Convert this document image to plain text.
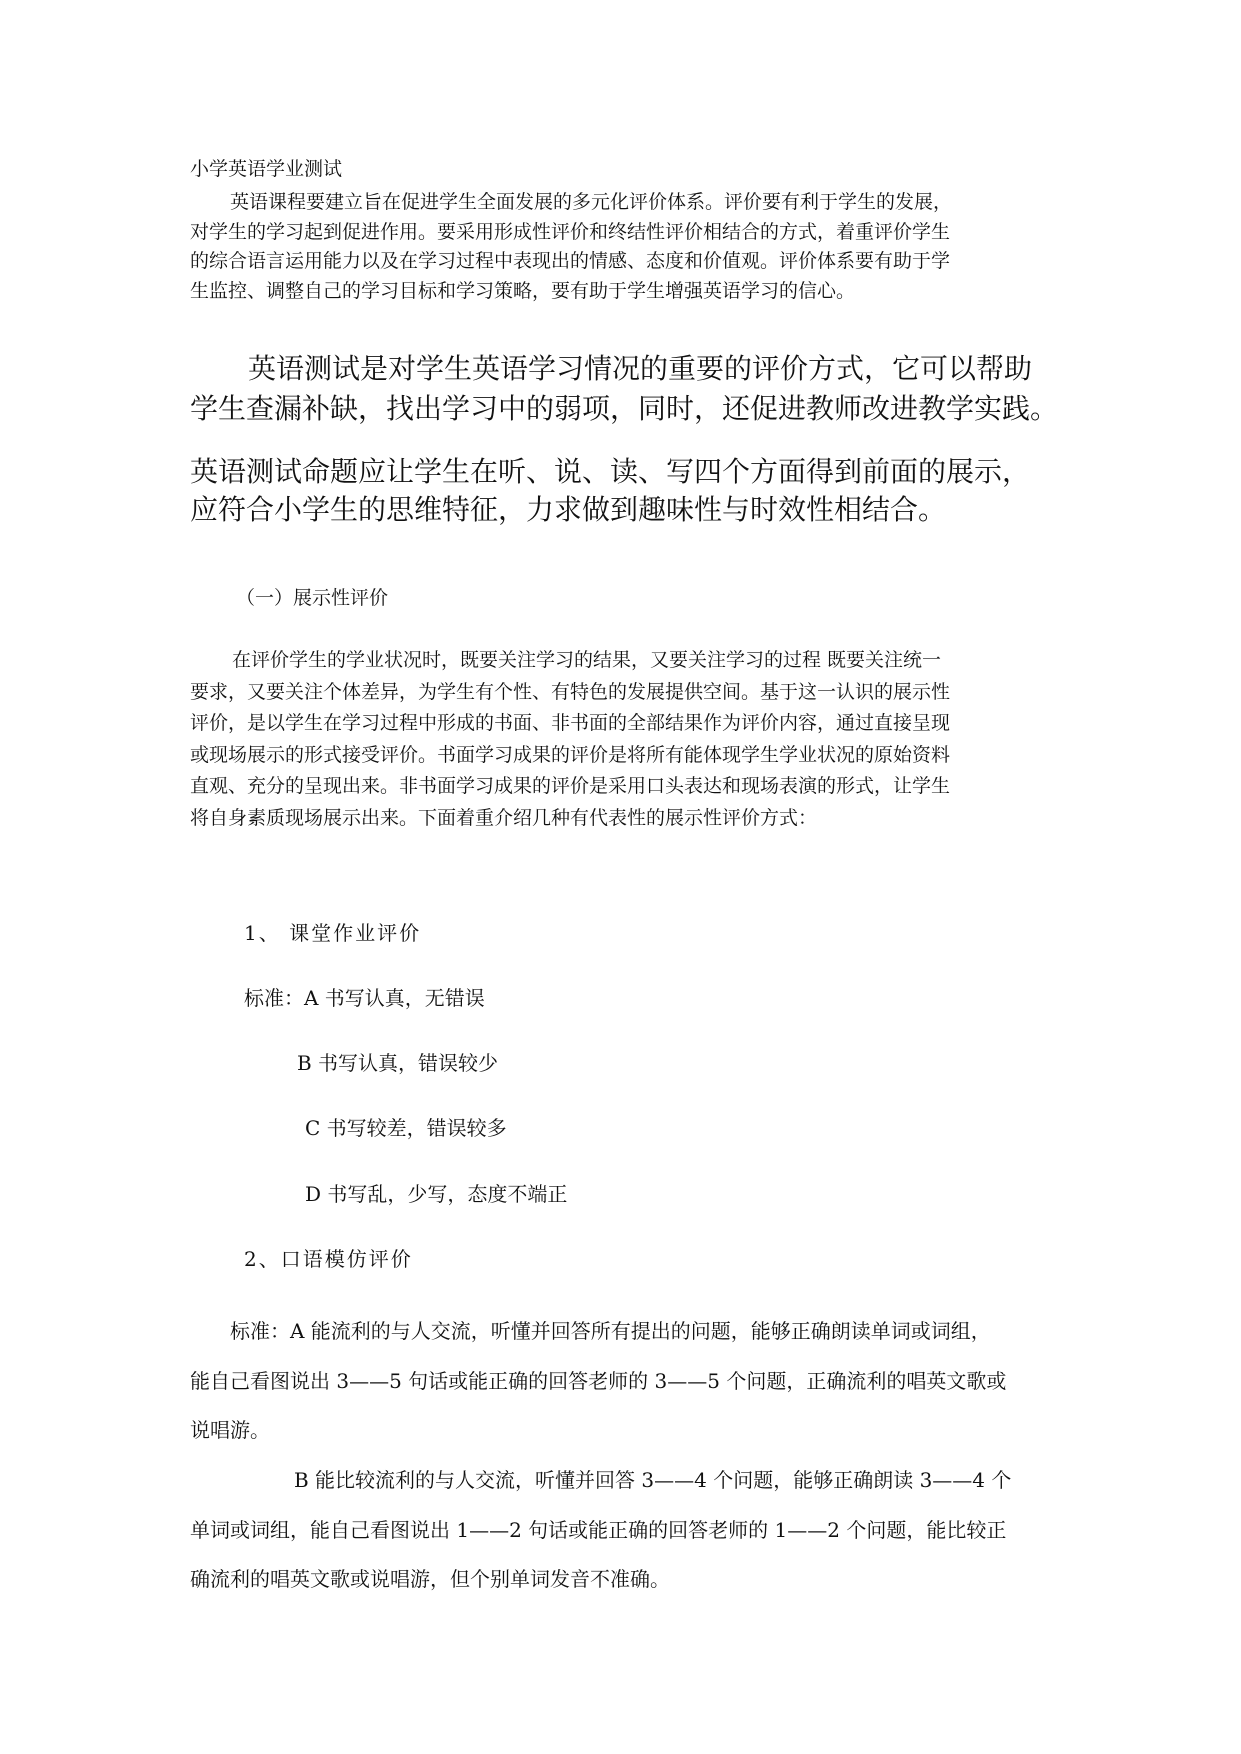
小学英语学业测试
英语课程要建立旨在促进学生全面发展的多元化评价体系。评价要有利于学生的发展，
对学生的学习起到促进作用。要采用形成性评价和终结性评价相结合的方式，着重评价学生
的综合语言运用能力以及在学习过程中表现出的情感、态度和价值观。评价体系要有助于学
生监控、调整自己的学习目标和学习策略，要有助于学生增强英语学习的信心。
英语测试是对学生英语学习情况的重要的评价方式，它可以帮助
学生查漏补缺，找出学习中的弱项，同时，还促进教师改进教学实践。
英语测试命题应让学生在听、说、读、写四个方面得到前面的展示，
应符合小学生的思维特征，力求做到趣味性与时效性相结合。
（一）展示性评价
在评价学生的学业状况时，既要关注学习的结果，又要关注学习的过程 既要关注统一
要求，又要关注个体差异，为学生有个性、有特色的发展提供空间。基于这一认识的展示性
评价，是以学生在学习过程中形成的书面、非书面的全部结果作为评价内容，通过直接呈现
或现场展示的形式接受评价。书面学习成果的评价是将所有能体现学生学业状况的原始资料
直观、充分的呈现出来。非书面学习成果的评价是采用口头表达和现场表演的形式，让学生
将自身素质现场展示出来。下面着重介绍几种有代表性的展示性评价方式：
1、 课堂作业评价
标准：A 书写认真，无错误
B 书写认真，错误较少
C 书写较差，错误较多
D 书写乱，少写，态度不端正
2、口语模仿评价
标准：A 能流利的与人交流，听懂并回答所有提出的问题，能够正确朗读单词或词组，
能自己看图说出 3——5 句话或能正确的回答老师的 3——5 个问题，正确流利的唱英文歌或
说唱游。
B 能比较流利的与人交流，听懂并回答 3——4 个问题，能够正确朗读 3——4 个
单词或词组，能自己看图说出 1——2 句话或能正确的回答老师的 1——2 个问题，能比较正
确流利的唱英文歌或说唱游，但个别单词发音不准确。
